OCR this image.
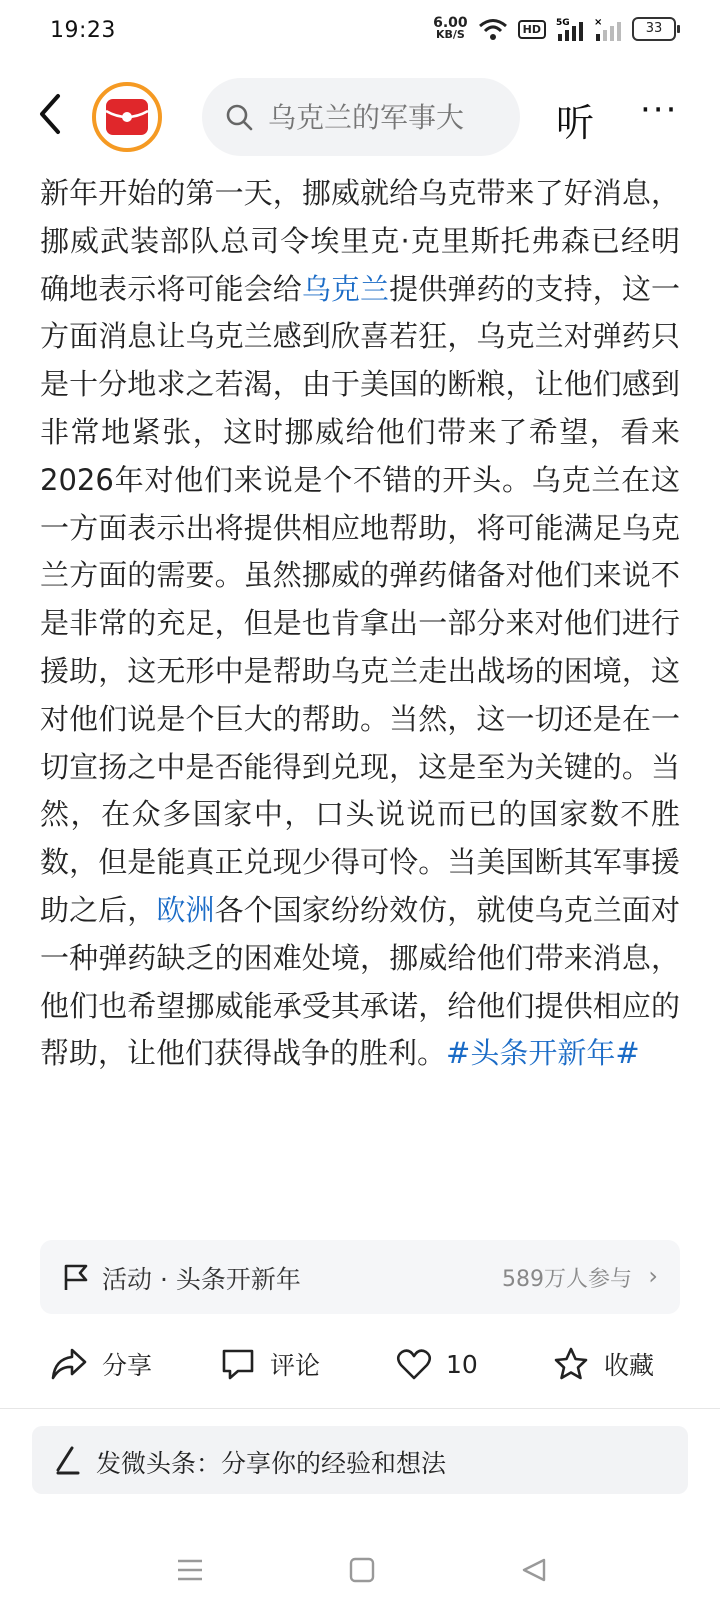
19:23	6.00
KB/S	HD	5G ×	33
乌克兰的军事大
听 ···
新年开始的第一天，挪威就给乌克带来了好消息，挪威武装部队总司令埃里克·克里斯托弗森已经明确地表示将可能会给乌克兰提供弹药的支持，这一方面消息让乌克兰感到欣喜若狂，乌克兰对弹药只是十分地求之若渴，由于美国的断粮，让他们感到非常地紧张，这时挪威给他们带来了希望，看来2026年对他们来说是个不错的开头。乌克兰在这一方面表示出将提供相应地帮助，将可能满足乌克兰方面的需要。虽然挪威的弹药储备对他们来说不是非常的充足，但是也肯拿出一部分来对他们进行援助，这无形中是帮助乌克兰走出战场的困境，这对他们说是个巨大的帮助。当然，这一切还是在一切宣扬之中是否能得到兑现，这是至为关键的。当然，在众多国家中，口头说说而已的国家数不胜数，但是能真正兑现少得可怜。当美国断其军事援助之后，欧洲各个国家纷纷效仿，就使乌克兰面对一种弹药缺乏的困难处境，挪威给他们带来消息，他们也希望挪威能承受其承诺，给他们提供相应的帮助，让他们获得战争的胜利。#头条开新年#
活动 · 头条开新年	589万人参与 ›
分享	评论	10	收藏
发微头条：分享你的经验和想法
